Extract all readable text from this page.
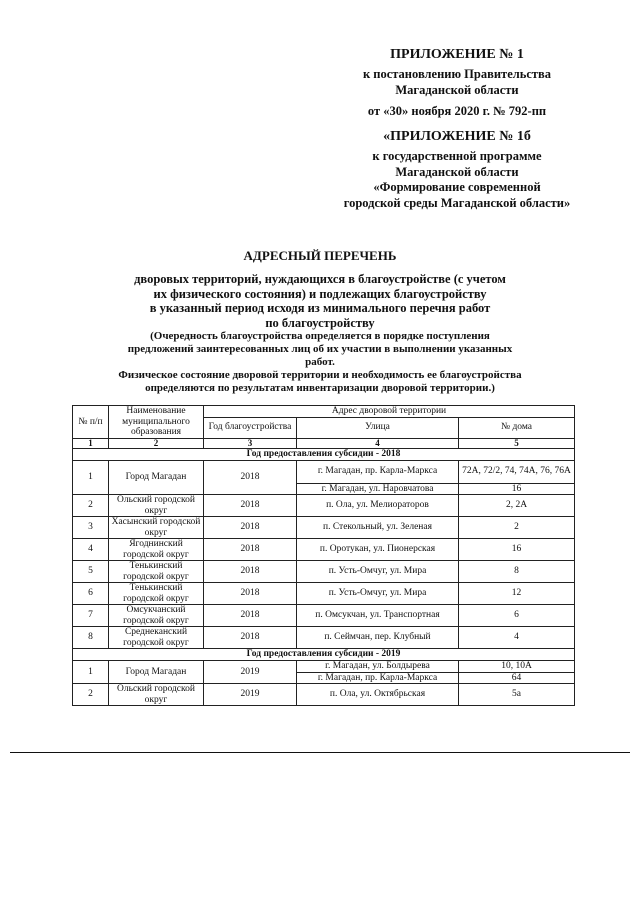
ПРИЛОЖЕНИЕ № 1
к постановлению Правительства
Магаданской области
от «30» ноября 2020 г. № 792-пп
«ПРИЛОЖЕНИЕ № 1б
к государственной программе
Магаданской области
«Формирование современной
городской среды Магаданской области»
АДРЕСНЫЙ ПЕРЕЧЕНЬ
дворовых территорий, нуждающихся в благоустройстве (с учетом
их физического состояния) и подлежащих благоустройству
в указанный период исходя из минимального перечня работ
по благоустройству
(Очередность благоустройства определяется в порядке поступления
предложений заинтересованных лиц об их участии в выполнении указанных
работ.
Физическое состояние дворовой территории и необходимость ее благоустройства
определяются по результатам инвентаризации дворовой территории.)
№ п/п	Наименование муниципального образования	Адрес дворовой территории		
		Год благоустройства	Улица	№ дома
1	2	3	4	5
Год предоставления субсидии - 2018				
1	Город Магадан	2018	г. Магадан, пр. Карла-Маркса	72А, 72/2, 74, 74А, 76, 76А
			г. Магадан, ул. Наровчатова	16
2	Ольский городской округ	2018	п. Ола, ул. Мелиораторов	2, 2А
3	Хасынский городской округ	2018	п. Стекольный, ул. Зеленая	2
4	Ягоднинский городской округ	2018	п. Оротукан, ул. Пионерская	16
5	Тенькинский городской округ	2018	п. Усть-Омчуг, ул. Мира	8
6	Тенькинский городской округ	2018	п. Усть-Омчуг, ул. Мира	12
7	Омсукчанский городской округ	2018	п. Омсукчан, ул. Транспортная	6
8	Среднеканский городской округ	2018	п. Сеймчан, пер. Клубный	4
Год предоставления субсидии - 2019				
1	Город Магадан	2019	г. Магадан, ул. Болдырева	10, 10А
			г. Магадан, пр. Карла-Маркса	64
2	Ольский городской округ	2019	п. Ола, ул. Октябрьская	5а
